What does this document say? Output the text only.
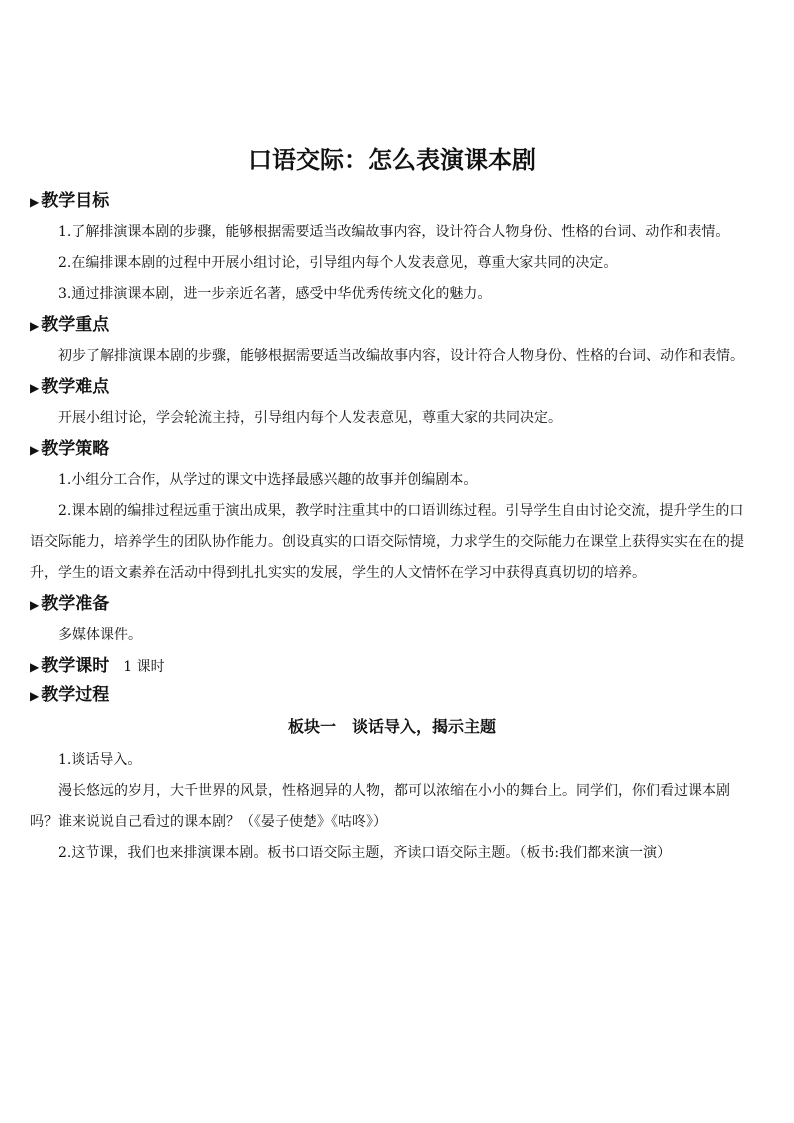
口语交际：怎么表演课本剧
▶ 教学目标

1.了解排演课本剧的步骤，能够根据需要适当改编故事内容，设计符合人物身份、性格的台词、动作和表情。

2.在编排课本剧的过程中开展小组讨论，引导组内每个人发表意见，尊重大家共同的决定。

3.通过排演课本剧，进一步亲近名著，感受中华优秀传统文化的魅力。

▶ 教学重点

初步了解排演课本剧的步骤，能够根据需要适当改编故事内容，设计符合人物身份、性格的台词、动作和表情。

▶ 教学难点

开展小组讨论，学会轮流主持，引导组内每个人发表意见，尊重大家的共同决定。

▶ 教学策略

1.小组分工合作，从学过的课文中选择最感兴趣的故事并创编剧本。

2.课本剧的编排过程远重于演出成果，教学时注重其中的口语训练过程。引导学生自由讨论交流，提升学生的口语交际能力，培养学生的团队协作能力。创设真实的口语交际情境，力求学生的交际能力在课堂上获得实实在在的提升，学生的语文素养在活动中得到扎扎实实的发展，学生的人文情怀在学习中获得真真切切的培养。

▶ 教学准备

多媒体课件。

▶ 教学课时 1 课时
▶ 教学过程
板块一　谈话导入，揭示主题

1.谈话导入。

漫长悠远的岁月，大千世界的风景，性格迥异的人物，都可以浓缩在小小的舞台上。同学们，你们看过课本剧吗？谁来说说自己看过的课本剧？（《晏子使楚》《咕咚》）

2.这节课，我们也来排演课本剧。板书口语交际主题，齐读口语交际主题。（板书:我们都来演一演）
